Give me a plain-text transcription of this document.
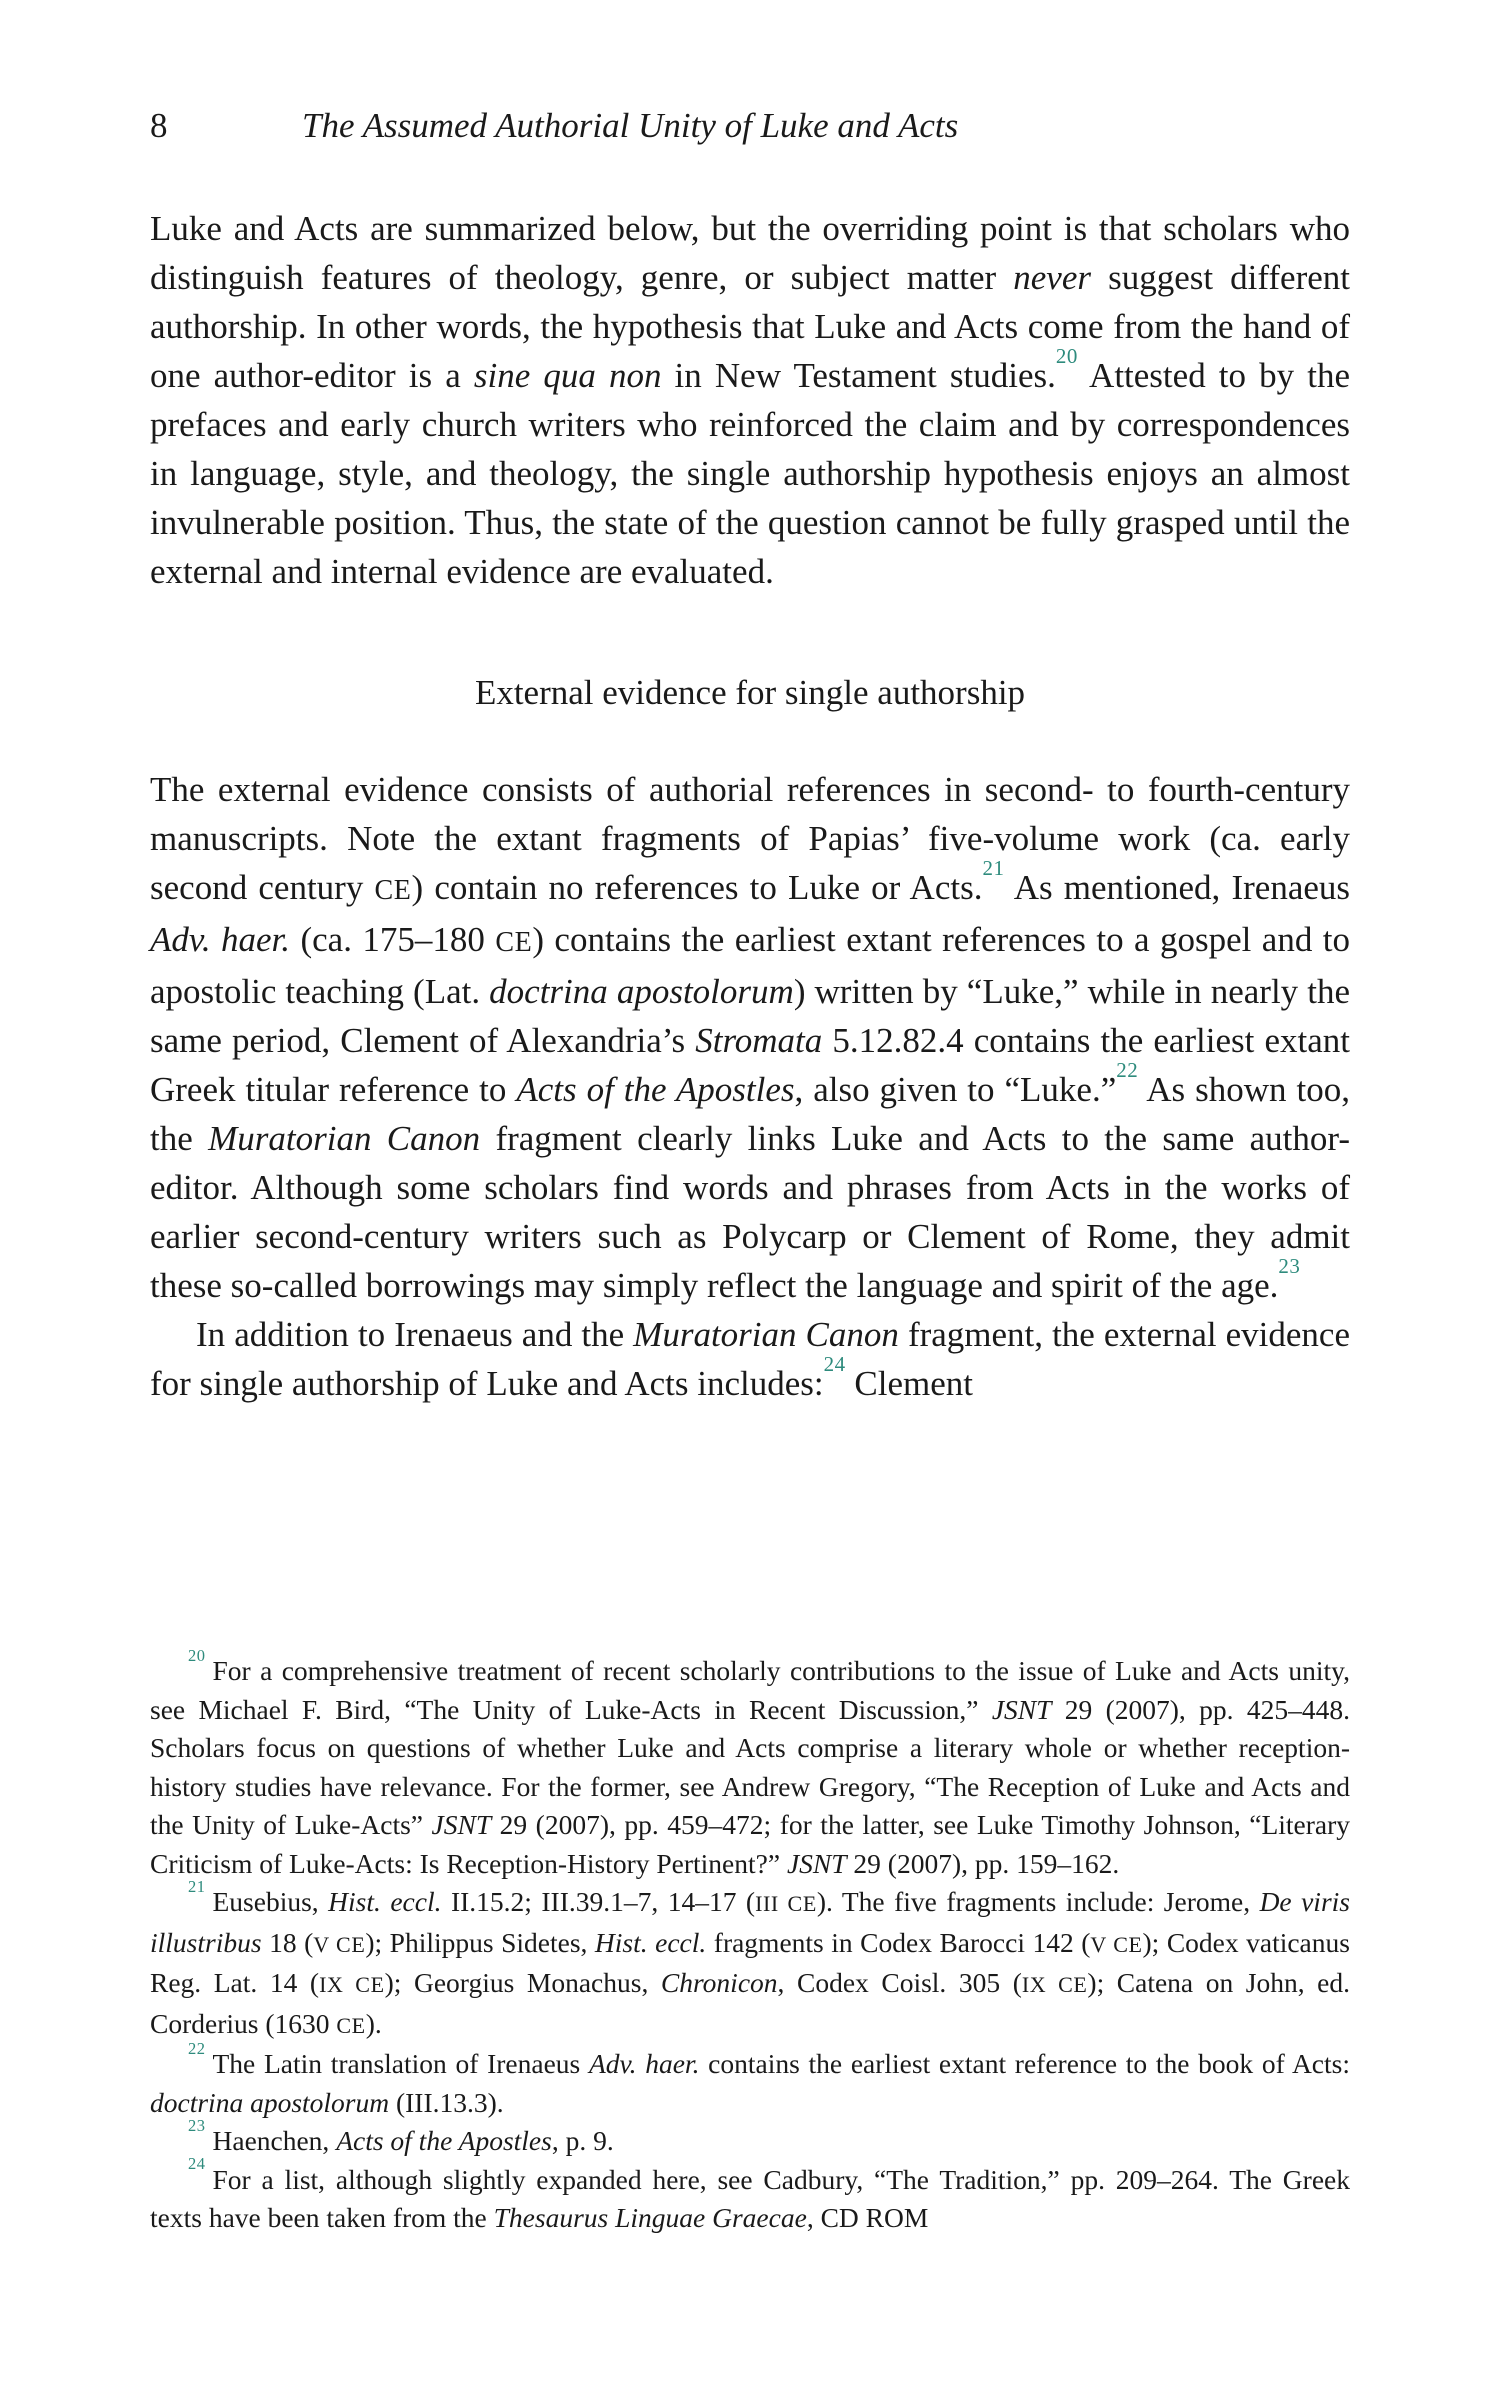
8	The Assumed Authorial Unity of Luke and Acts

Luke and Acts are summarized below, but the overriding point is that scholars who distinguish features of theology, genre, or subject matter never suggest different authorship. In other words, the hypothesis that Luke and Acts come from the hand of one author-editor is a sine qua non in New Testament studies.$^{20}$ Attested to by the prefaces and early church writers who reinforced the claim and by correspondences in language, style, and theology, the single authorship hypothesis enjoys an almost invulnerable position. Thus, the state of the question cannot be fully grasped until the external and internal evidence are evaluated.

External evidence for single authorship

The external evidence consists of authorial references in second- to fourth-century manuscripts. Note the extant fragments of Papias’ five-volume work (ca. early second century CE) contain no references to Luke or Acts.$^{21}$ As mentioned, Irenaeus Adv. haer. (ca. 175–180 CE) contains the earliest extant references to a gospel and to apostolic teaching (Lat. doctrina apostolorum) written by “Luke,” while in nearly the same period, Clement of Alexandria’s Stromata 5.12.82.4 contains the earliest extant Greek titular reference to Acts of the Apostles, also given to “Luke.”$^{22}$ As shown too, the Muratorian Canon fragment clearly links Luke and Acts to the same author-editor. Although some scholars find words and phrases from Acts in the works of earlier second-century writers such as Polycarp or Clement of Rome, they admit these so-called borrowings may simply reflect the language and spirit of the age.$^{23}$

In addition to Irenaeus and the Muratorian Canon fragment, the external evidence for single authorship of Luke and Acts includes:$^{24}$ Clement

$^{20}$ For a comprehensive treatment of recent scholarly contributions to the issue of Luke and Acts unity, see Michael F. Bird, “The Unity of Luke-Acts in Recent Discussion,” JSNT 29 (2007), pp. 425–448. Scholars focus on questions of whether Luke and Acts comprise a literary whole or whether reception-history studies have relevance. For the former, see Andrew Gregory, “The Reception of Luke and Acts and the Unity of Luke-Acts” JSNT 29 (2007), pp. 459–472; for the latter, see Luke Timothy Johnson, “Literary Criticism of Luke-Acts: Is Reception-History Pertinent?” JSNT 29 (2007), pp. 159–162.

$^{21}$ Eusebius, Hist. eccl. II.15.2; III.39.1–7, 14–17 (III CE). The five fragments include: Jerome, De viris illustribus 18 (V CE); Philippus Sidetes, Hist. eccl. fragments in Codex Barocci 142 (V CE); Codex vaticanus Reg. Lat. 14 (IX CE); Georgius Monachus, Chronicon, Codex Coisl. 305 (IX CE); Catena on John, ed. Corderius (1630 CE).

$^{22}$ The Latin translation of Irenaeus Adv. haer. contains the earliest extant reference to the book of Acts: doctrina apostolorum (III.13.3).

$^{23}$ Haenchen, Acts of the Apostles, p. 9.

$^{24}$ For a list, although slightly expanded here, see Cadbury, “The Tradition,” pp. 209–264. The Greek texts have been taken from the Thesaurus Linguae Graecae, CD ROM
